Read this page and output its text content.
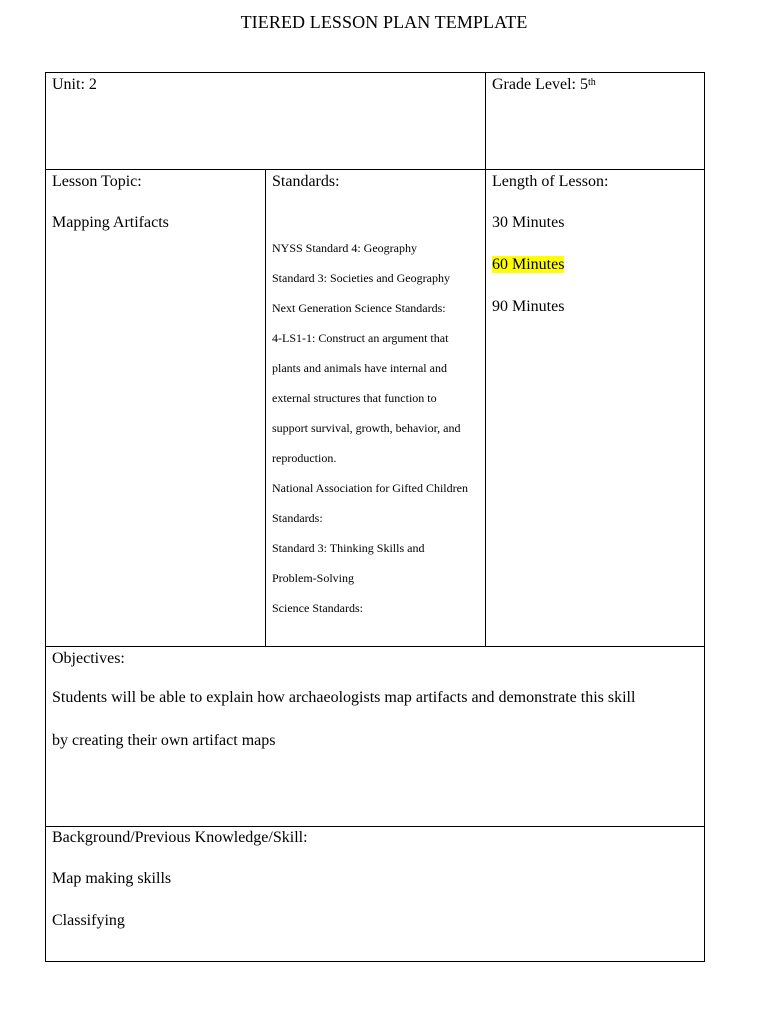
TIERED LESSON PLAN TEMPLATE
Unit: 2	Grade Level: 5th
Lesson Topic:
Mapping Artifacts
Standards:
NYSS Standard 4: Geography
Standard 3: Societies and Geography
Next Generation Science Standards:
4-LS1-1: Construct an argument that
plants and animals have internal and
external structures that function to
support survival, growth, behavior, and
reproduction.
National Association for Gifted Children
Standards:
Standard 3: Thinking Skills and
Problem-Solving
Science Standards:
Length of Lesson:
30 Minutes
60 Minutes
90 Minutes
Objectives:
Students will be able to explain how archaeologists map artifacts and demonstrate this skill
by creating their own artifact maps
Background/Previous Knowledge/Skill:
Map making skills
Classifying
